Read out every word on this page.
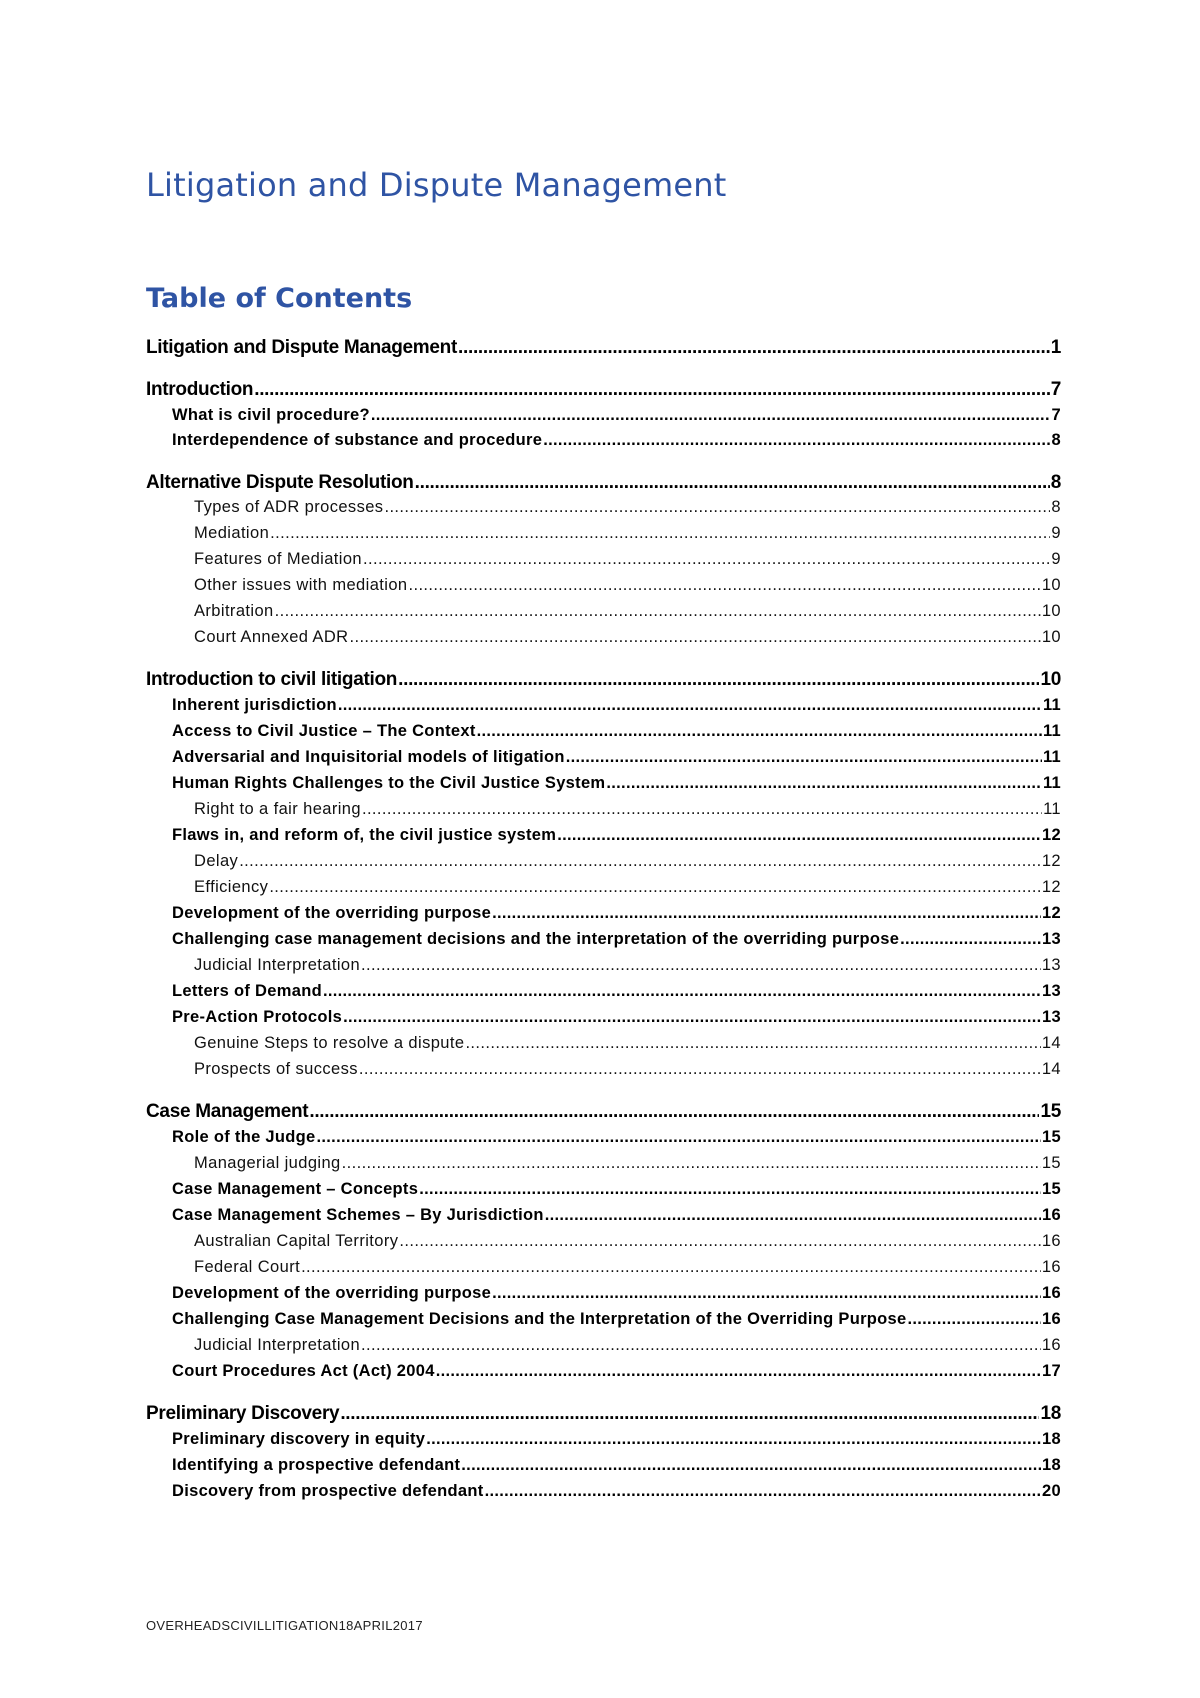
Litigation and Dispute Management
Table of Contents
Litigation and Dispute Management .....	1
Introduction .....	7
What is civil procedure? .....	7
Interdependence of substance and procedure .....	8
Alternative Dispute Resolution .....	8
Types of ADR processes .....	8
Mediation .....	9
Features of Mediation .....	9
Other issues with mediation .....	10
Arbitration .....	10
Court Annexed ADR .....	10
Introduction to civil litigation .....	10
Inherent jurisdiction .....	11
Access to Civil Justice – The Context .....	11
Adversarial and Inquisitorial models of litigation .....	11
Human Rights Challenges to the Civil Justice System .....	11
Right to a fair hearing .....	11
Flaws in, and reform of, the civil justice system .....	12
Delay .....	12
Efficiency .....	12
Development of the overriding purpose .....	12
Challenging case management decisions and the interpretation of the overriding purpose .....	13
Judicial Interpretation .....	13
Letters of Demand .....	13
Pre-Action Protocols .....	13
Genuine Steps to resolve a dispute .....	14
Prospects of success .....	14
Case Management .....	15
Role of the Judge .....	15
Managerial judging .....	15
Case Management – Concepts .....	15
Case Management Schemes – By Jurisdiction .....	16
Australian Capital Territory .....	16
Federal Court .....	16
Development of the overriding purpose .....	16
Challenging Case Management Decisions and the Interpretation of the Overriding Purpose .....	16
Judicial Interpretation .....	16
Court Procedures Act (Act) 2004 .....	17
Preliminary Discovery .....	18
Preliminary discovery in equity .....	18
Identifying a prospective defendant .....	18
Discovery from prospective defendant .....	20
OVERHEADSCIVILLITIGATION18APRIL2017
